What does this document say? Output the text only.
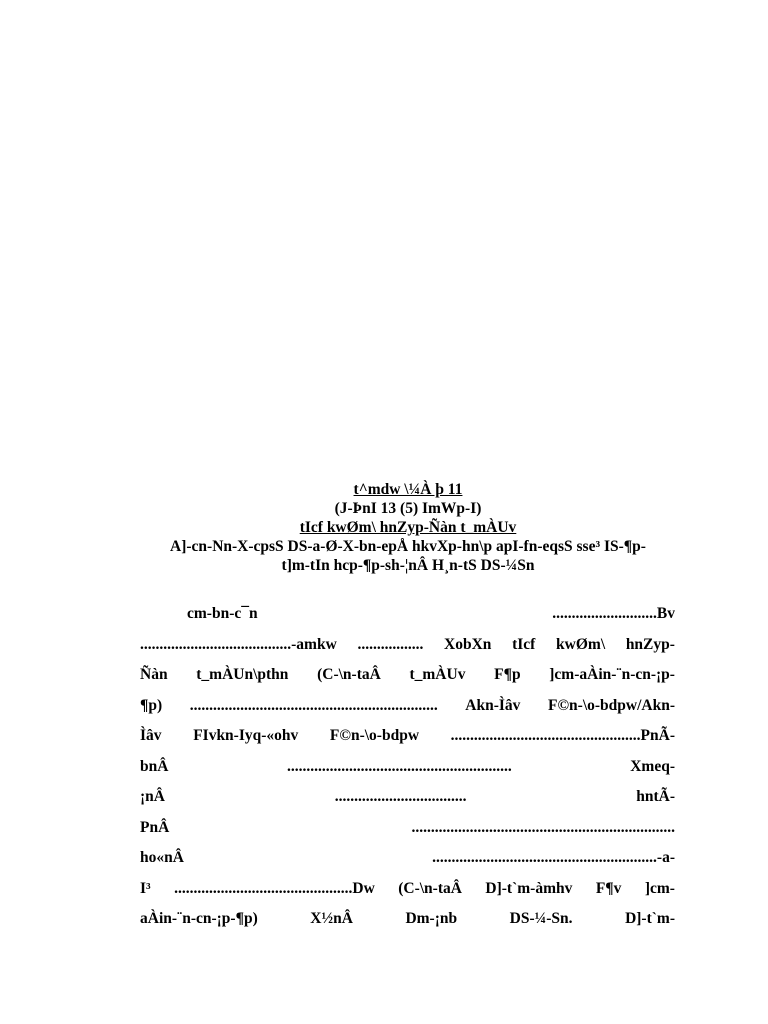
t^mdw \¼À þ 11
(J-ÞnI 13 (5) ImWp-I)
tIcf kwØm\ hnZyp-Ñàn t_mÀUv
A]-cn-Nn-X-cpsS DS-a-Ø-X-bn-epÅ hkvXp-hn\p apI-fn-eqsS sse³ IS-¶p-
t]m-tIn hcp-¶p-sh-¦nÂ H¸n-tS DS-¼Sn
cm-bn-c¯n	...........................Bv
.......................................-amkw ................. XobXn tIcf kwØm\ hnZyp-
Ñàn t_mÀUn\pthn (C-\n-taÂ t_mÀUv F¶p ]cm-aÀin-¨n-cn-¡p-
¶p) ................................................................ Akn-Ìâv F©n-\o-bdpw/Akn-
Ìâv FIvkn-Iyq-«ohv F©n-\o-bdpw .................................................PnÃ-
bnÂ	..........................................................	Xmeq-
¡nÂ	..................................	hntÃ-
PnÂ	....................................................................
ho«nÂ	..........................................................-a-
I³ ..............................................Dw (C-\n-taÂ D]-t`m-àmhv F¶v ]cm-
aÀin-¨n-cn-¡p-¶p)	X½nÂ	Dm-¡nb	DS-¼-Sn.	D]-t`m-
